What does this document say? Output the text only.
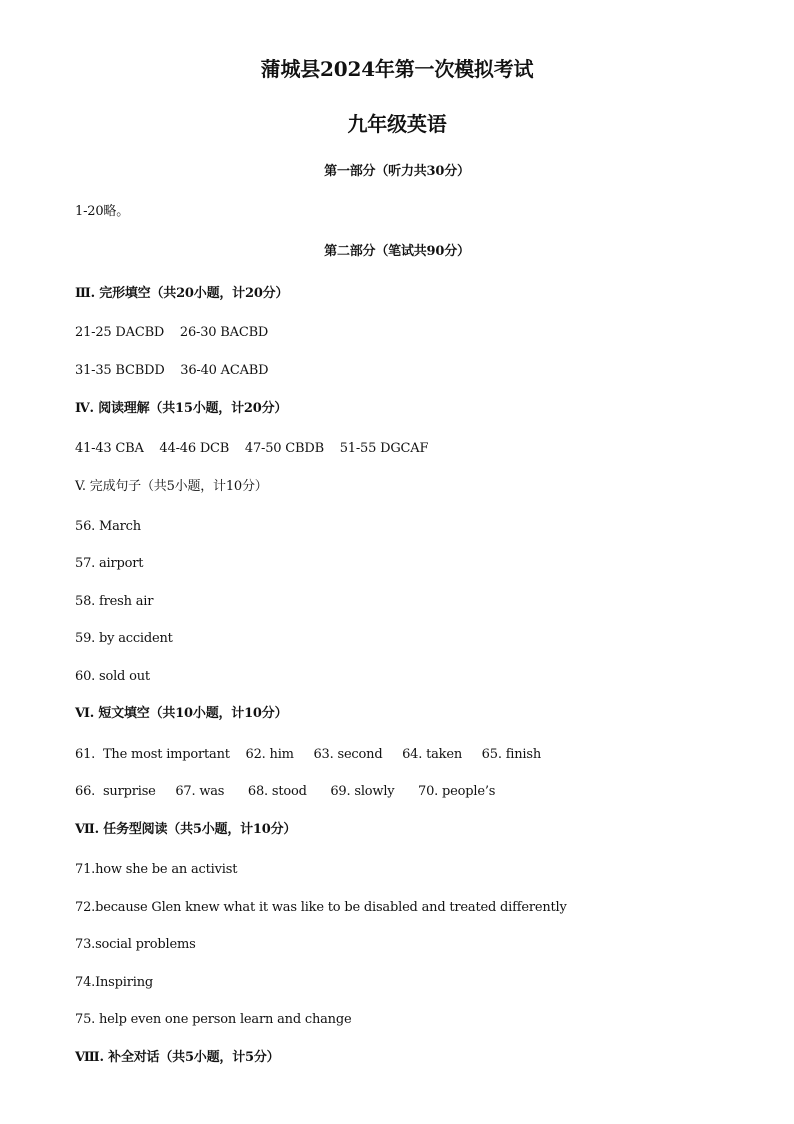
蒲城县2024年第一次模拟考试
九年级英语
第一部分（听力共30分）
1-20略。
第二部分（笔试共90分）
Ⅲ. 完形填空（共20小题，计20分）
21-25 DACBD    26-30 BACBD
31-35 BCBDD    36-40 ACABD
Ⅳ. 阅读理解（共15小题，计20分）
41-43 CBA    44-46 DCB    47-50 CBDB    51-55 DGCAF
V. 完成句子（共5小题，计10分）
56. March
57. airport
58. fresh air
59. by accident
60. sold out
Ⅵ. 短文填空（共10小题，计10分）
61.  The most important    62. him     63. second     64. taken     65. finish
66.  surprise     67. was      68. stood      69. slowly      70. people’s
Ⅶ. 任务型阅读（共5小题，计10分）
71.how she be an activist
72.because Glen knew what it was like to be disabled and treated differently
73.social problems
74.Inspiring
75. help even one person learn and change
Ⅷ. 补全对话（共5小题，计5分）
